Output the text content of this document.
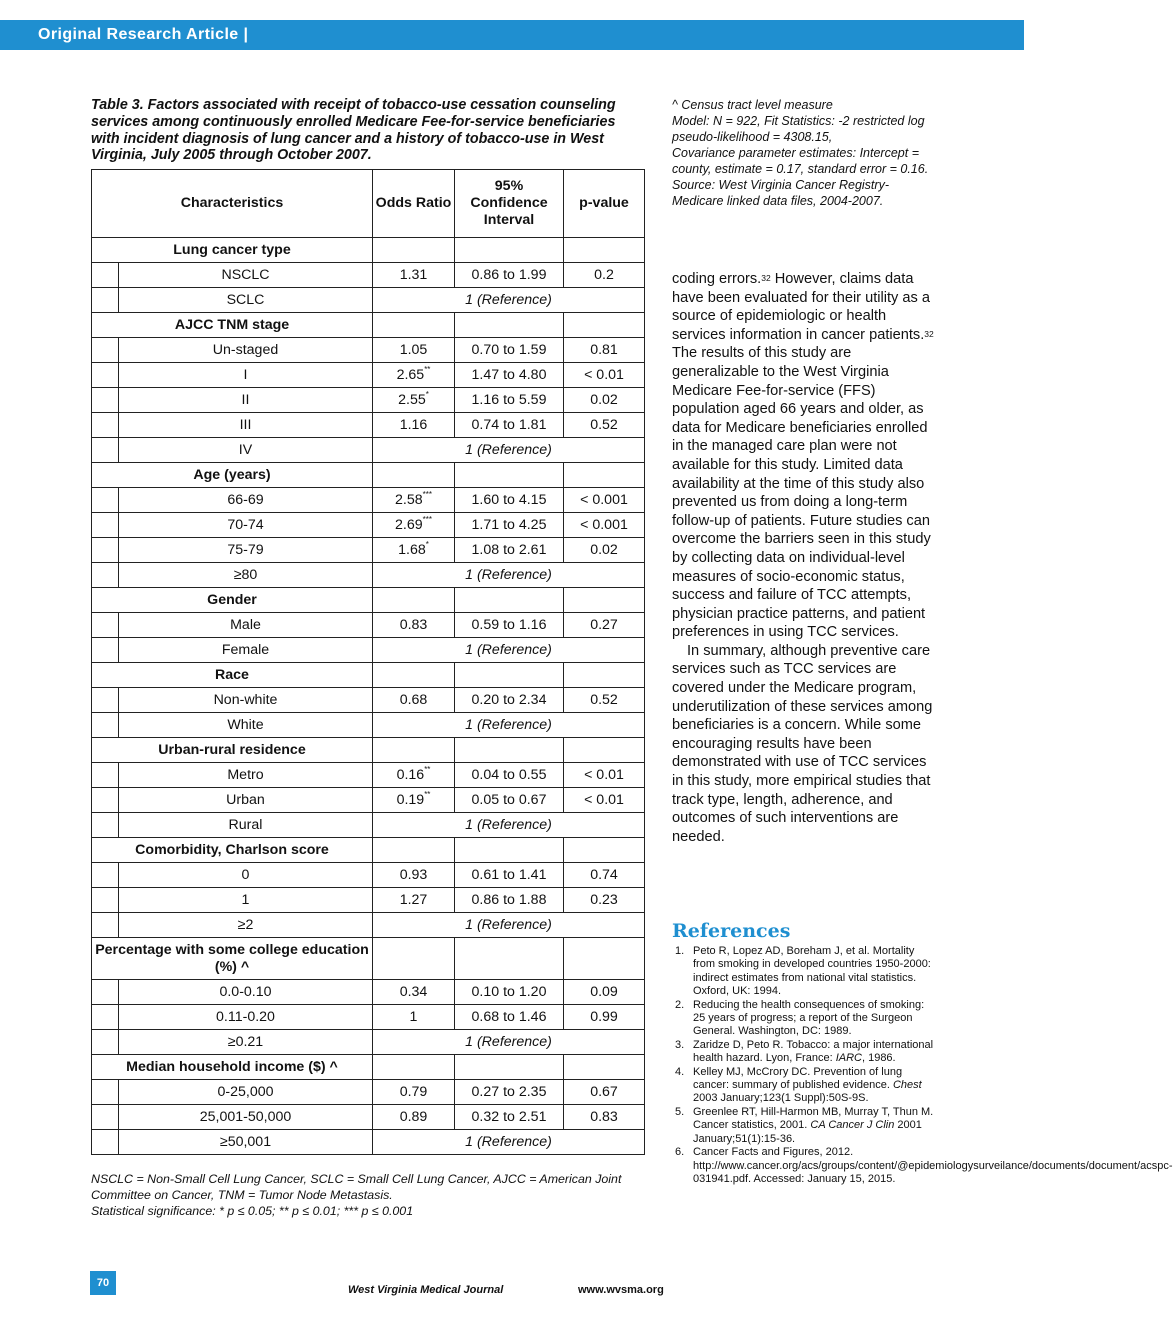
Original Research Article |

Table 3. Factors associated with receipt of tobacco-use cessation counseling services among continuously enrolled Medicare Fee-for-service beneficiaries with incident diagnosis of lung cancer and a history of tobacco-use in West Virginia, July 2005 through October 2007.

Characteristics		Odds Ratio	95% Confidence Interval	p-value
Lung cancer type				
	NSCLC	1.31	0.86 to 1.99	0.2
	SCLC	1 (Reference)		
AJCC TNM stage				
	Un-staged	1.05	0.70 to 1.59	0.81
	I	2.65**	1.47 to 4.80	< 0.01
	II	2.55*	1.16 to 5.59	0.02
	III	1.16	0.74 to 1.81	0.52
	IV	1 (Reference)		
Age (years)				
	66-69	2.58***	1.60 to 4.15	< 0.001
	70-74	2.69***	1.71 to 4.25	< 0.001
	75-79	1.68*	1.08 to 2.61	0.02
	≥80	1 (Reference)		
Gender				
	Male	0.83	0.59 to 1.16	0.27
	Female	1 (Reference)		
Race				
	Non-white	0.68	0.20 to 2.34	0.52
	White	1 (Reference)		
Urban-rural residence				
	Metro	0.16**	0.04 to 0.55	< 0.01
	Urban	0.19**	0.05 to 0.67	< 0.01
	Rural	1 (Reference)		
Comorbidity, Charlson score				
	0	0.93	0.61 to 1.41	0.74
	1	1.27	0.86 to 1.88	0.23
	≥2	1 (Reference)		
Percentage with some college education (%) ^				
	0.0-0.10	0.34	0.10 to 1.20	0.09
	0.11-0.20	1	0.68 to 1.46	0.99
	≥0.21	1 (Reference)		
Median household income ($) ^				
	0-25,000	0.79	0.27 to 2.35	0.67
	25,001-50,000	0.89	0.32 to 2.51	0.83
	≥50,001	1 (Reference)		

NSCLC = Non-Small Cell Lung Cancer, SCLC = Small Cell Lung Cancer, AJCC = American Joint Committee on Cancer, TNM = Tumor Node Metastasis.

Statistical significance: * p ≤ 0.05; ** p ≤ 0.01; *** p ≤ 0.001

^ Census tract level measure

Model: N = 922, Fit Statistics: -2 restricted log pseudo-likelihood = 4308.15,

Covariance parameter estimates: Intercept = county, estimate = 0.17, standard error = 0.16.

Source: West Virginia Cancer Registry-Medicare linked data files, 2004-2007.

coding errors.$^{32}$ However, claims data have been evaluated for their utility as a source of epidemiologic or health services information in cancer patients.$^{32}$ The results of this study are generalizable to the West Virginia Medicare Fee-for-service (FFS) population aged 66 years and older, as data for Medicare beneficiaries enrolled in the managed care plan were not available for this study. Limited data availability at the time of this study also prevented us from doing a long-term follow-up of patients. Future studies can overcome the barriers seen in this study by collecting data on individual-level measures of socio-economic status, success and failure of TCC attempts, physician practice patterns, and patient preferences in using TCC services.

In summary, although preventive care services such as TCC services are covered under the Medicare program, underutilization of these services among beneficiaries is a concern. While some encouraging results have been demonstrated with use of TCC services in this study, more empirical studies that track type, length, adherence, and outcomes of such interventions are needed.

References
1. Peto R, Lopez AD, Boreham J, et al. Mortality from smoking in developed countries 1950-2000: indirect estimates from national vital statistics. Oxford, UK: 1994.
2. Reducing the health consequences of smoking: 25 years of progress; a report of the Surgeon General. Washington, DC: 1989.
3. Zaridze D, Peto R. Tobacco: a major international health hazard. Lyon, France: IARC, 1986.
4. Kelley MJ, McCrory DC. Prevention of lung cancer: summary of published evidence. Chest 2003 January;123(1 Suppl):50S-9S.
5. Greenlee RT, Hill-Harmon MB, Murray T, Thun M. Cancer statistics, 2001. CA Cancer J Clin 2001 January;51(1):15-36.
6. Cancer Facts and Figures, 2012. http://www.cancer.org/acs/groups/content/@epidemiologysurveilance/documents/document/acspc-031941.pdf. Accessed: January 15, 2015.
70
West Virginia Medical Journal	www.wvsma.org
